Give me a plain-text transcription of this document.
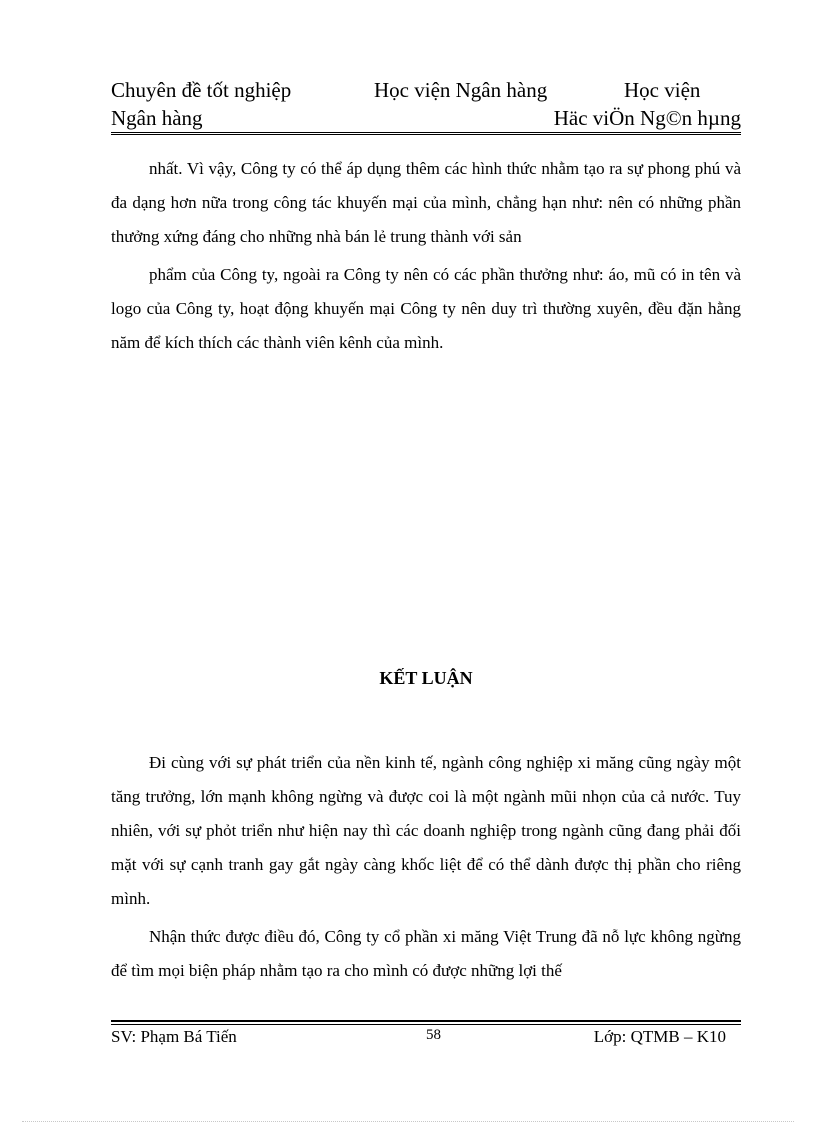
Chuyên đề tốt nghiệp	Học viện Ngân hàng	Học viện
Ngân hàng	Häc viÖn Ng©n hµng

nhất. Vì vậy, Công ty có thể áp dụng thêm các hình thức nhằm tạo ra sự phong phú và đa dạng hơn nữa trong công tác khuyến mại của mình, chẳng hạn như: nên có những phần thưởng xứng đáng cho những nhà bán lẻ trung thành với sản

phẩm của Công ty, ngoài ra Công ty nên có các phần thưởng như: áo, mũ có in tên và logo của Công ty, hoạt động khuyến mại Công ty nên duy trì thường xuyên, đều đặn hằng năm để kích thích các thành viên kênh của mình.

KẾT LUẬN

Đi cùng với sự phát triển của nền kinh tế, ngành công nghiệp xi măng cũng ngày một tăng trưởng, lớn mạnh không ngừng và được coi là một ngành mũi nhọn của cả nước. Tuy nhiên, với sự phỏt triển như hiện nay thì các doanh nghiệp trong ngành cũng đang phải đối mặt với sự cạnh tranh gay gắt ngày càng khốc liệt để có thể dành được thị phần cho riêng mình.

Nhận thức được điều đó, Công ty cổ phần xi măng Việt Trung đã nỗ lực không ngừng để tìm mọi biện pháp nhằm tạo ra cho mình có được những lợi thế

SV: Phạm Bá Tiến	58	Lớp: QTMB – K10
